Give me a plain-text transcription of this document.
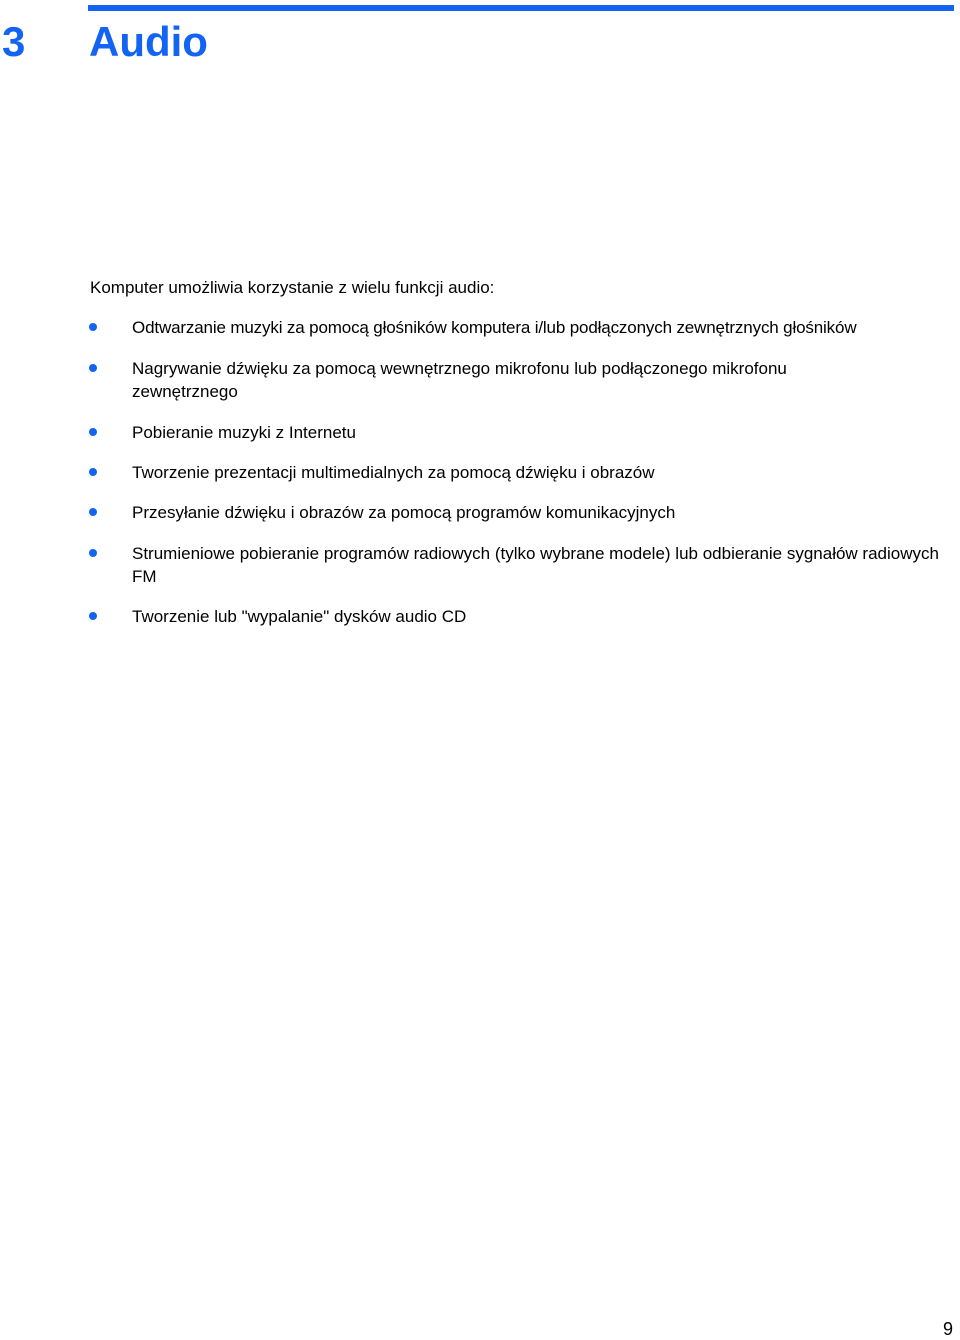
3 Audio

Komputer umożliwia korzystanie z wielu funkcji audio:

Odtwarzanie muzyki za pomocą głośników komputera i/lub podłączonych zewnętrznych głośników
Nagrywanie dźwięku za pomocą wewnętrznego mikrofonu lub podłączonego mikrofonu zewnętrznego
Pobieranie muzyki z Internetu
Tworzenie prezentacji multimedialnych za pomocą dźwięku i obrazów
Przesyłanie dźwięku i obrazów za pomocą programów komunikacyjnych
Strumieniowe pobieranie programów radiowych (tylko wybrane modele) lub odbieranie sygnałów radiowych FM
Tworzenie lub "wypalanie" dysków audio CD
9
